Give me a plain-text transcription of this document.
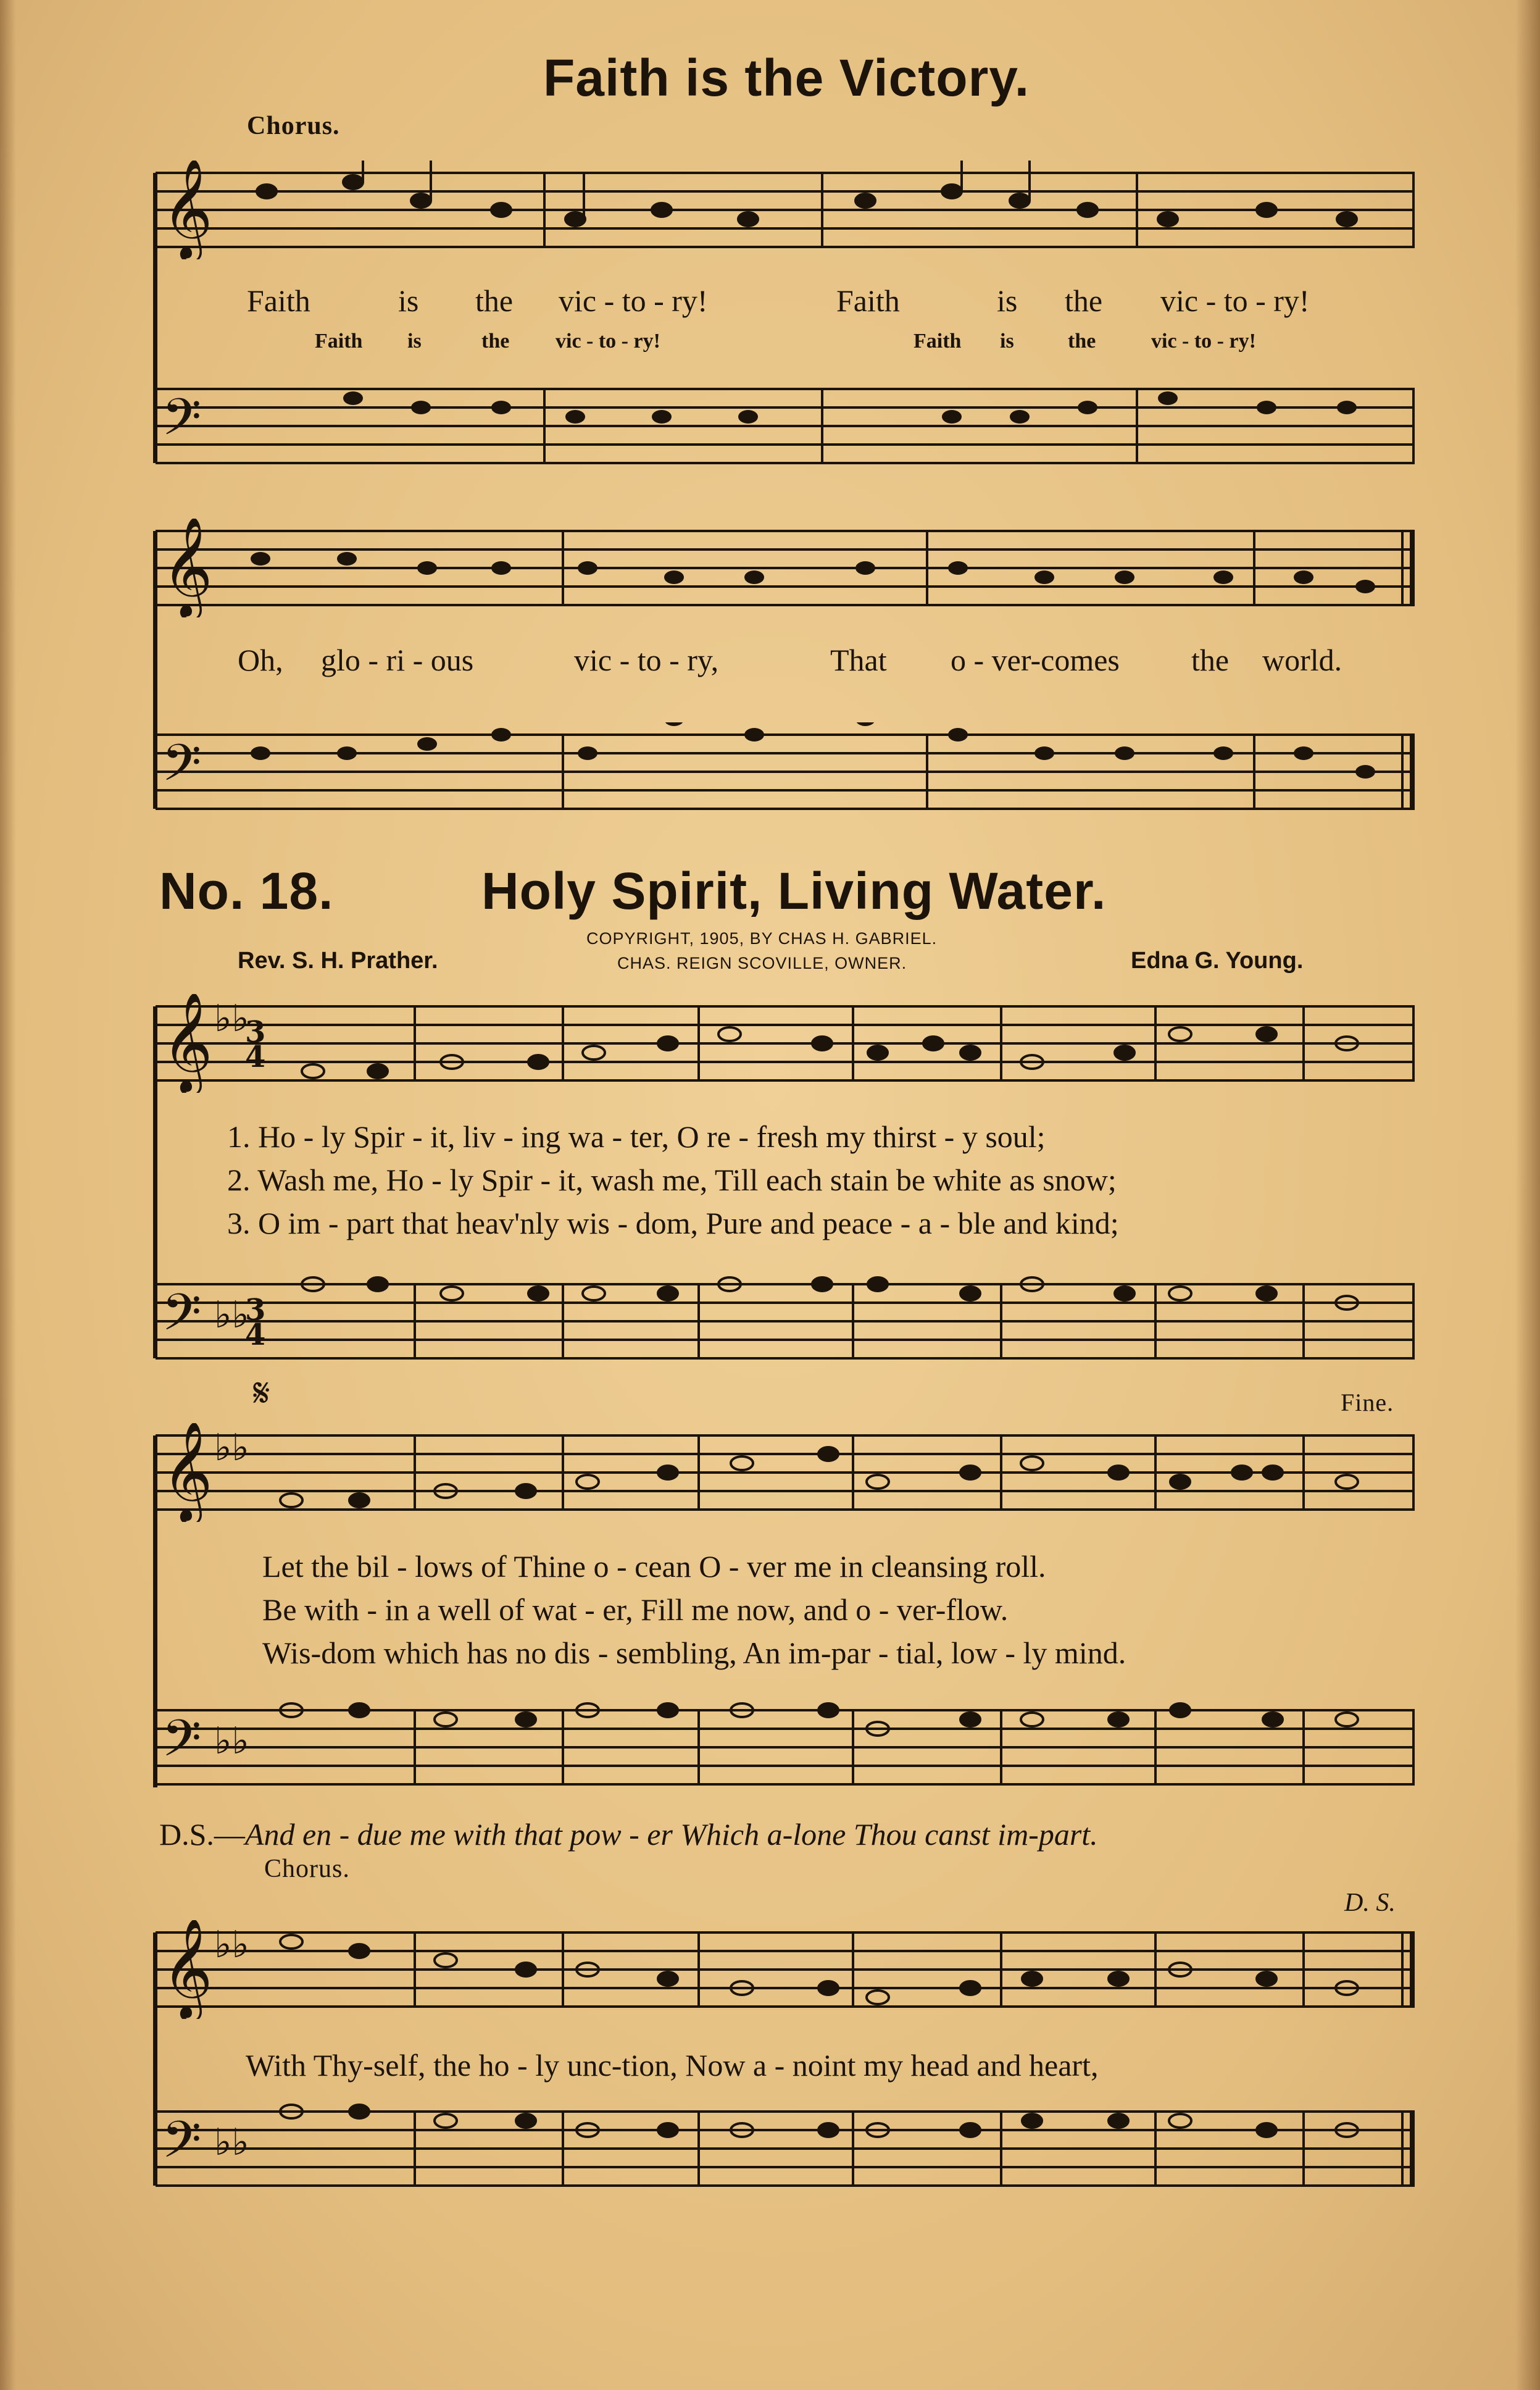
Faith is the Victory.
Chorus.
𝄞
Faith	is the vic - to - ry!	Faith	is the vic - to - ry!
Faith is	the vic - to - ry!	Faith is	the	vic - to - ry!
𝄢
𝄞
Oh, glo - ri - ous	vic - to - ry,	That o - ver-comes the world.
𝄢
No. 18.	Holy Spirit, Living Water.
COPYRIGHT, 1905, BY CHAS H. GABRIEL.
CHAS. REIGN SCOVILLE, OWNER.
Rev. S. H. Prather.	Edna G. Young.
𝄞 ♭♭
3
4
1. Ho - ly Spir - it, liv - ing wa - ter, O re - fresh my thirst - y soul;
2. Wash me, Ho - ly Spir - it, wash me, Till each stain be white as snow;
3. O im - part that heav'nly wis - dom, Pure and peace - a - ble and kind;
𝄢 ♭♭
3
4
𝄋	Fine.
𝄞 ♭♭
Let the bil - lows of Thine o - cean O - ver me in cleansing roll.
Be with - in a well of wat - er, Fill me now, and o - ver-flow.
Wis-dom which has no dis - sembling, An im-par - tial, low - ly mind.
𝄢 ♭♭
D.S.—And en - due me with that pow - er Which a-lone Thou canst im-part.
Chorus.
D. S.
𝄞 ♭♭
With Thy-self, the ho - ly unc-tion, Now a - noint my head and heart,
𝄢 ♭♭
